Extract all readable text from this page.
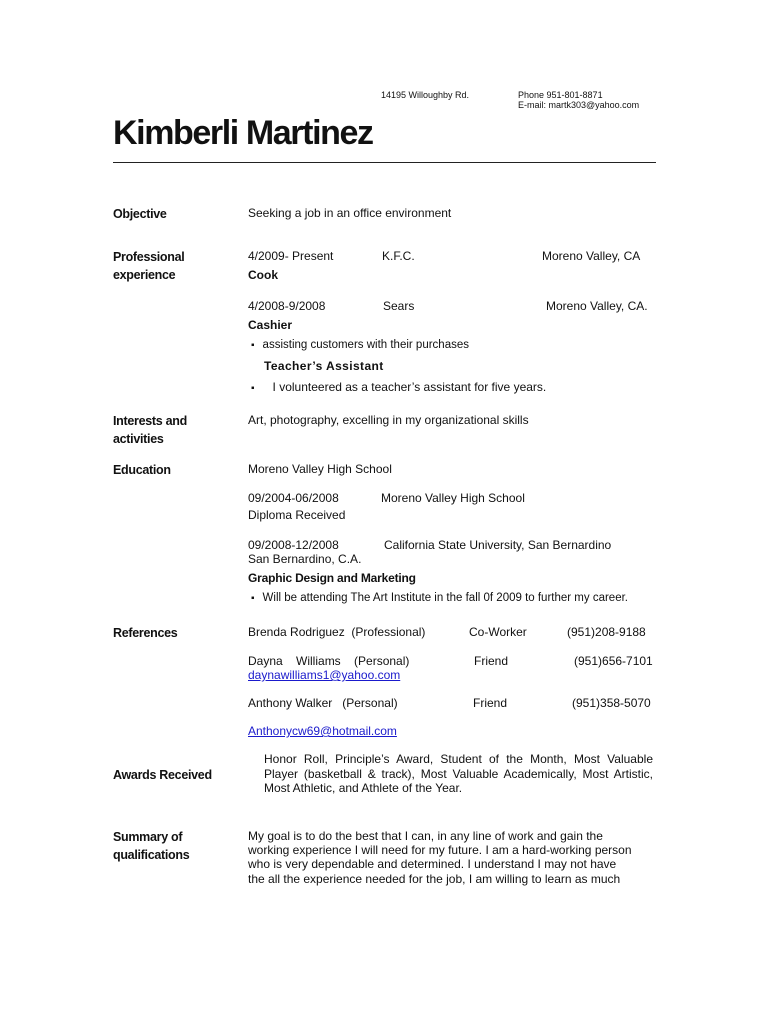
14195 Willoughby Rd.	Phone 951-801-8871
E-mail: martk303@yahoo.com
Kimberli Martinez
Objective	Seeking a job in an office environment
Professional
experience
4/2009- Present	K.F.C.	Moreno Valley, CA
Cook
4/2008-9/2008	Sears	Moreno Valley, CA.
Cashier
▪ assisting customers with their purchases
Teacher’s Assistant
▪ I volunteered as a teacher’s assistant for five years.
Interests and
activities
Art, photography, excelling in my organizational skills
Education	Moreno Valley High School
09/2004-06/2008	Moreno Valley High School
Diploma Received
09/2008-12/2008	California State University, San Bernardino
San Bernardino, C.A.
Graphic Design and Marketing
▪ Will be attending The Art Institute in the fall 0f 2009 to further my career.
References	Brenda Rodriguez  (Professional)	Co-Worker	(951)208-9188
Dayna    Williams    (Personal)	Friend	(951)656-7101
daynawilliams1@yahoo.com
Anthony Walker   (Personal)	Friend	(951)358-5070
Anthonycw69@hotmail.com
Awards Received
Honor Roll, Principle’s Award, Student of the Month, Most Valuable Player (basketball & track), Most Valuable Academically, Most Artistic, Most Athletic, and Athlete of the Year.
Summary of
qualifications
My goal is to do the best that I can, in any line of work and gain the
working experience I will need for my future. I am a hard-working person
who is very dependable and determined. I understand I may not have
the all the experience needed for the job, I am willing to learn as much
